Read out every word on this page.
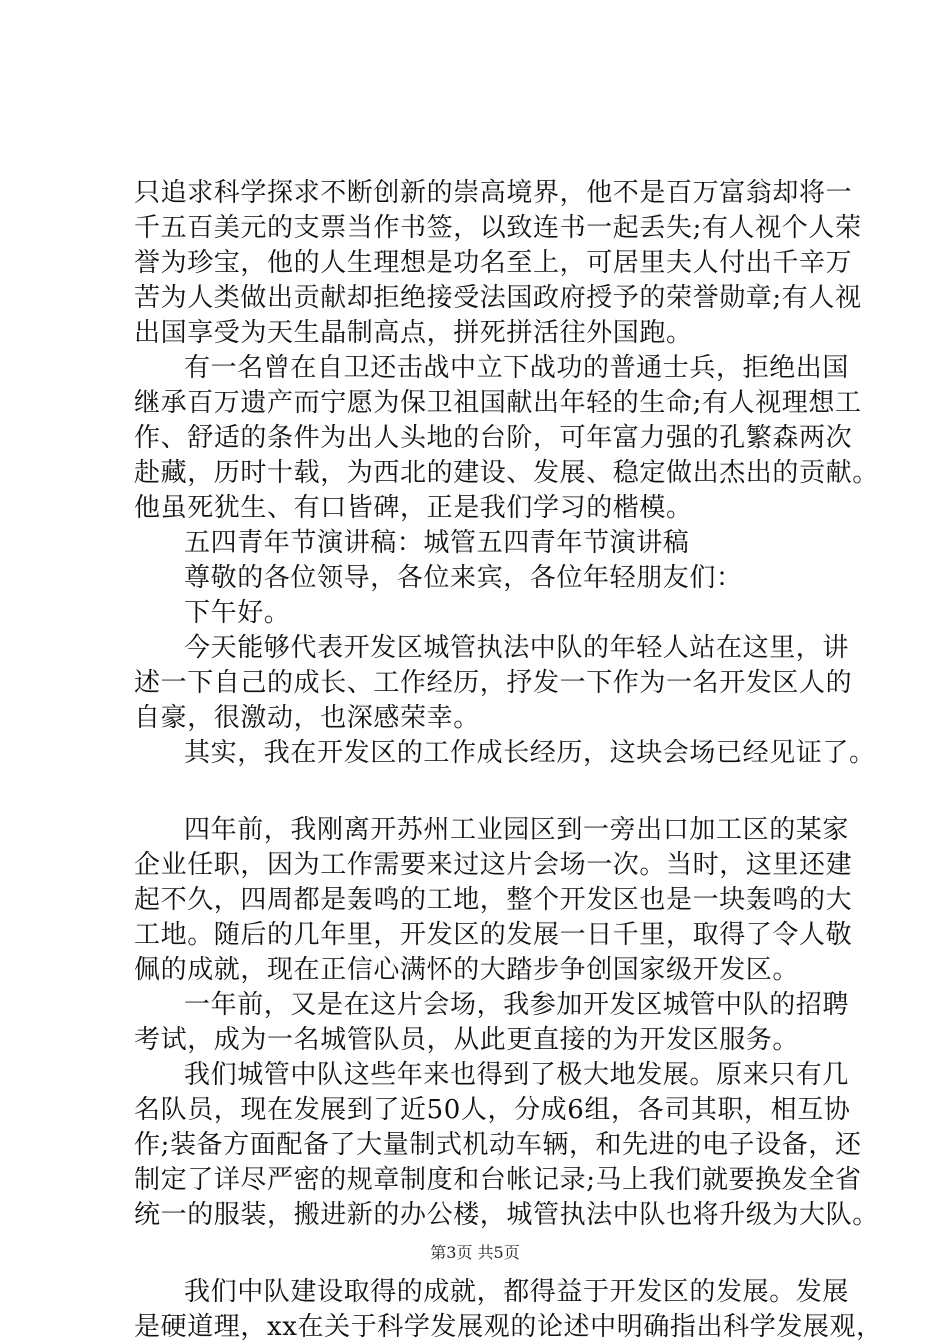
只追求科学探求不断创新的崇高境界，他不是百万富翁却将一
千五百美元的支票当作书签，以致连书一起丢失;有人视个人荣
誉为珍宝，他的人生理想是功名至上，可居里夫人付出千辛万
苦为人类做出贡献却拒绝接受法国政府授予的荣誉勋章;有人视
出国享受为天生晶制高点，拼死拼活往外国跑。
有一名曾在自卫还击战中立下战功的普通士兵，拒绝出国
继承百万遗产而宁愿为保卫祖国献出年轻的生命;有人视理想工
作、舒适的条件为出人头地的台阶，可年富力强的孔繁森两次
赴藏，历时十载，为西北的建设、发展、稳定做出杰出的贡献。
他虽死犹生、有口皆碑，正是我们学习的楷模。
五四青年节演讲稿：城管五四青年节演讲稿
尊敬的各位领导，各位来宾，各位年轻朋友们：
下午好。
今天能够代表开发区城管执法中队的年轻人站在这里，讲
述一下自己的成长、工作经历，抒发一下作为一名开发区人的
自豪，很激动，也深感荣幸。
其实，我在开发区的工作成长经历，这块会场已经见证了。
四年前，我刚离开苏州工业园区到一旁出口加工区的某家
企业任职，因为工作需要来过这片会场一次。当时，这里还建
起不久，四周都是轰鸣的工地，整个开发区也是一块轰鸣的大
工地。随后的几年里，开发区的发展一日千里，取得了令人敬
佩的成就，现在正信心满怀的大踏步争创国家级开发区。
一年前，又是在这片会场，我参加开发区城管中队的招聘
考试，成为一名城管队员，从此更直接的为开发区服务。
我们城管中队这些年来也得到了极大地发展。原来只有几
名队员，现在发展到了近50人，分成6组，各司其职，相互协
作;装备方面配备了大量制式机动车辆，和先进的电子设备，还
制定了详尽严密的规章制度和台帐记录;马上我们就要换发全省
统一的服装，搬进新的办公楼，城管执法中队也将升级为大队。
我们中队建设取得的成就，都得益于开发区的发展。发展
是硬道理，xx在关于科学发展观的论述中明确指出科学发展观，
第3页 共5页
